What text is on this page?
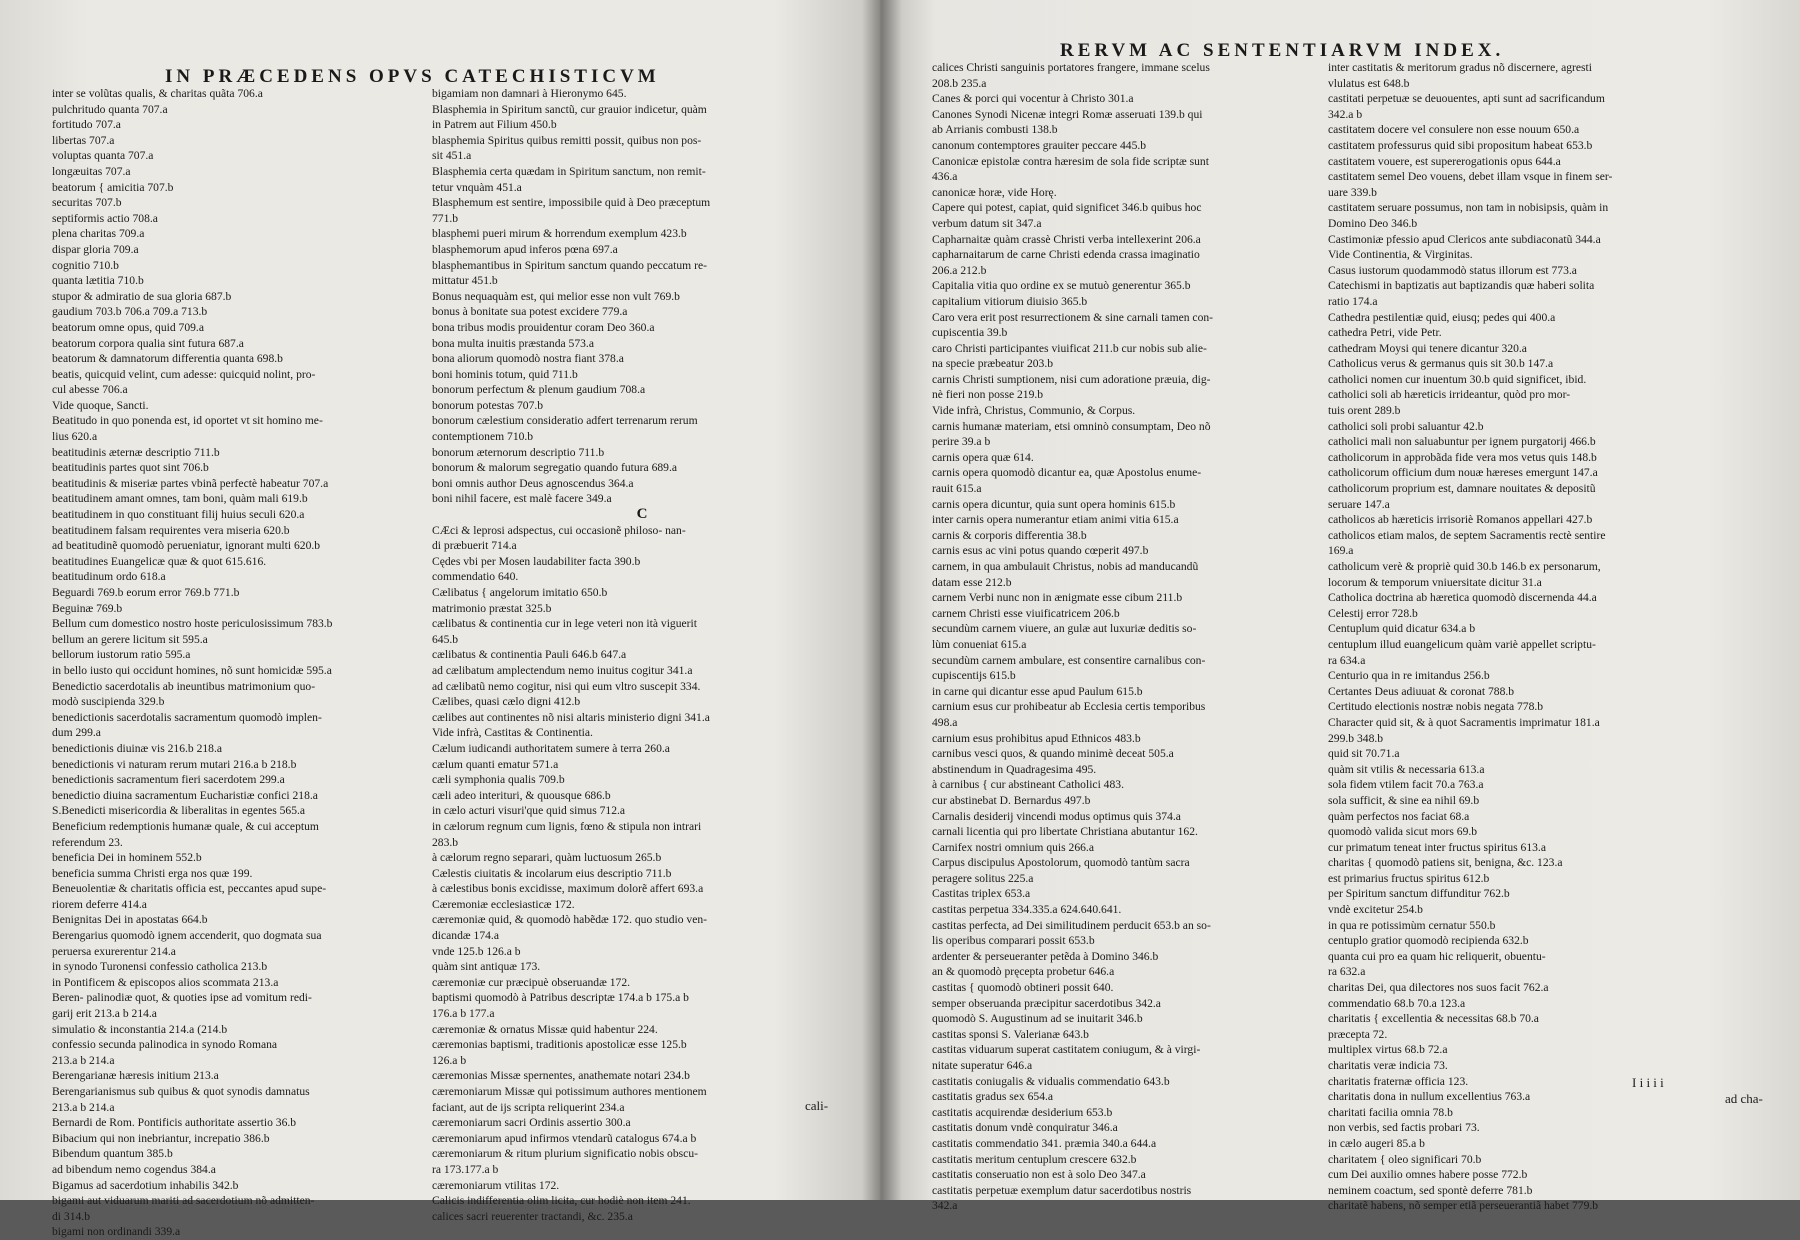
IN PRÆCEDENS OPVS CATECHISTICVM
inter se volũtas qualis, & charitas quãta 706.a
pulchritudo quanta 707.a
fortitudo 707.a
libertas 707.a
voluptas quanta 707.a
longæuitas 707.a
beatorum { amicitia 707.b
securitas 707.b
septiformis actio 708.a
plena charitas 709.a
dispar gloria 709.a
cognitio 710.b
quanta lætitia 710.b
stupor & admiratio de sua gloria 687.b
gaudium 703.b 706.a 709.a 713.b
beatorum omne opus, quid 709.a
beatorum corpora qualia sint futura 687.a
beatorum & damnatorum differentia quanta 698.b
beatis, quicquid velint, cum adesse: quicquid nolint, pro-
cul abesse 706.a
Vide quoque, Sancti.
Beatitudo in quo ponenda est, id oportet vt sit homino me-
lius 620.a
beatitudinis æternæ descriptio 711.b
beatitudinis partes quot sint 706.b
beatitudinis & miseriæ partes vbinã perfectè habeatur 707.a
beatitudinem amant omnes, tam boni, quàm mali 619.b
beatitudinem in quo constituant filij huius seculi 620.a
beatitudinem falsam requirentes vera miseria 620.b
ad beatitudinẽ quomodò perueniatur, ignorant multi 620.b
beatitudines Euangelicæ quæ & quot 615.616.
beatitudinum ordo 618.a
Beguardi 769.b eorum error 769.b 771.b
Beguinæ 769.b
Bellum cum domestico nostro hoste periculosissimum 783.b
bellum an gerere licitum sit 595.a
bellorum iustorum ratio 595.a
in bello iusto qui occidunt homines, nõ sunt homicidæ 595.a
Benedictio sacerdotalis ab ineuntibus matrimonium quo-
modò suscipienda 329.b
benedictionis sacerdotalis sacramentum quomodò implen-
dum 299.a
benedictionis diuinæ vis 216.b 218.a
benedictionis vi naturam rerum mutari 216.a b 218.b
benedictionis sacramentum fieri sacerdotem 299.a
benedictio diuina sacramentum Eucharistiæ confici 218.a
S.Benedicti misericordia & liberalitas in egentes 565.a
Beneficium redemptionis humanæ quale, & cui acceptum
referendum 23.
beneficia Dei in hominem 552.b
beneficia summa Christi erga nos quæ 199.
Beneuolentiæ & charitatis officia est, peccantes apud supe-
riorem deferre 414.a
Benignitas Dei in apostatas 664.b
Berengarius quomodò ignem accenderit, quo dogmata sua
peruersa exurerentur 214.a
in synodo Turonensi confessio catholica 213.b
in Pontificem & episcopos alios scommata 213.a
Beren- palinodiæ quot, & quoties ipse ad vomitum redi-
garij erit 213.a b 214.a
simulatio & inconstantia 214.a (214.b
confessio secunda palinodica in synodo Romana
213.a b 214.a
Berengarianæ hæresis initium 213.a
Berengarianismus sub quibus & quot synodis damnatus
213.a b 214.a
Bernardi de Rom. Pontificis authoritate assertio 36.b
Bibacium qui non inebriantur, increpatio 386.b
Bibendum quantum 385.b
ad bibendum nemo cogendus 384.a
Bigamus ad sacerdotium inhabilis 342.b
bigami aut viduarum mariti ad sacerdotium nõ admitten-
di 314.b
bigami non ordinandi 339.a
bigamiam non damnari à Hieronymo 645.
Blasphemia in Spiritum sanctũ, cur grauior indicetur, quàm
in Patrem aut Filium 450.b
blasphemia Spiritus quibus remitti possit, quibus non pos-
sit 451.a
Blasphemia certa quædam in Spiritum sanctum, non remit-
tetur vnquàm 451.a
Blasphemum est sentire, impossibile quid à Deo præceptum
771.b
blasphemi pueri mirum & horrendum exemplum 423.b
blasphemorum apud inferos pœna 697.a
blasphemantibus in Spiritum sanctum quando peccatum re-
mittatur 451.b
Bonus nequaquàm est, qui melior esse non vult 769.b
bonus à bonitate sua potest excidere 779.a
bona tribus modis prouidentur coram Deo 360.a
bona multa inuitis præstanda 573.a
bona aliorum quomodò nostra fiant 378.a
boni hominis totum, quid 711.b
bonorum perfectum & plenum gaudium 708.a
bonorum potestas 707.b
bonorum cælestium consideratio adfert terrenarum rerum
contemptionem 710.b
bonorum æternorum descriptio 711.b
bonorum & malorum segregatio quando futura 689.a
boni omnis author Deus agnoscendus 364.a
boni nihil facere, est malè facere 349.a
C
CÆci & leprosi adspectus, cui occasionẽ philoso- nan-
di præbuerit 714.a
Cędes vbi per Mosen laudabiliter facta 390.b
commendatio 640.
Cælibatus { angelorum imitatio 650.b
matrimonio præstat 325.b
cælibatus & continentia cur in lege veteri non ità viguerit
645.b
cælibatus & continentia Pauli 646.b 647.a
ad cælibatum amplectendum nemo inuitus cogitur 341.a
ad cælibatũ nemo cogitur, nisi qui eum vltro suscepit 334.
Cælibes, quasi cælo digni 412.b
cælibes aut continentes nõ nisi altaris ministerio digni 341.a
Vide infrà, Castitas & Continentia.
Cælum iudicandi authoritatem sumere à terra 260.a
cælum quanti ematur 571.a
cæli symphonia qualis 709.b
cæli adeo interituri, & quousque 686.b
in cælo acturi visuri'que quid simus 712.a
in cælorum regnum cum lignis, fœno & stipula non intrari
283.b
à cælorum regno separari, quàm luctuosum 265.b
Cælestis ciuitatis & incolarum eius descriptio 711.b
à cælestibus bonis excidisse, maximum dolorẽ affert 693.a
Cæremoniæ ecclesiasticæ 172.
cæremoniæ quid, & quomodò habẽdæ 172. quo studio ven-
dicandæ 174.a
vnde 125.b 126.a b
quàm sint antiquæ 173.
cæremoniæ cur præcipuè obseruandæ 172.
baptismi quomodò à Patribus descriptæ 174.a b 175.a b
176.a b 177.a
cæremoniæ & ornatus Missæ quid habentur 224.
cæremonias baptismi, traditionis apostolicæ esse 125.b
126.a b
cæremonias Missæ spernentes, anathemate notari 234.b
cæremoniarum Missæ qui potissimum authores mentionem
faciant, aut de ijs scripta reliquerint 234.a
cæremoniarum sacri Ordinis assertio 300.a
cæremoniarum apud infirmos vtendarũ catalogus 674.a b
cæremoniarum & ritum plurium significatio nobis obscu-
ra 173.177.a b
cæremoniarum vtilitas 172.
Calicis indifferentia olim licita, cur hodiè non item 241.
calices sacri reuerenter tractandi, &c. 235.a
cali-
RERVM AC SENTENTIARVM INDEX.
calices Christi sanguinis portatores frangere, immane scelus
208.b 235.a
Canes & porci qui vocentur à Christo 301.a
Canones Synodi Nicenæ integri Romæ asseruati 139.b qui
ab Arrianis combusti 138.b
canonum contemptores grauiter peccare 445.b
Canonicæ epistolæ contra hæresim de sola fide scriptæ sunt
436.a
canonicæ horæ, vide Horę.
Capere qui potest, capiat, quid significet 346.b quibus hoc
verbum datum sit 347.a
Capharnaitæ quàm crassè Christi verba intellexerint 206.a
capharnaitarum de carne Christi edenda crassa imaginatio
206.a 212.b
Capitalia vitia quo ordine ex se mutuò generentur 365.b
capitalium vitiorum diuisio 365.b
Caro vera erit post resurrectionem & sine carnali tamen con-
cupiscentia 39.b
caro Christi participantes viuificat 211.b cur nobis sub alie-
na specie præbeatur 203.b
carnis Christi sumptionem, nisi cum adoratione præuia, dig-
nè fieri non posse 219.b
Vide infrà, Christus, Communio, & Corpus.
carnis humanæ materiam, etsi omninò consumptam, Deo nõ
perire 39.a b
carnis opera quæ 614.
carnis opera quomodò dicantur ea, quæ Apostolus enume-
rauit 615.a
carnis opera dicuntur, quia sunt opera hominis 615.b
inter carnis opera numerantur etiam animi vitia 615.a
carnis & corporis differentia 38.b
carnis esus ac vini potus quando cœperit 497.b
carnem, in qua ambulauit Christus, nobis ad manducandũ
datam esse 212.b
carnem Verbi nunc non in ænigmate esse cibum 211.b
carnem Christi esse viuificatricem 206.b
secundùm carnem viuere, an gulæ aut luxuriæ deditis so-
lùm conueniat 615.a
secundùm carnem ambulare, est consentire carnalibus con-
cupiscentijs 615.b
in carne qui dicantur esse apud Paulum 615.b
carnium esus cur prohibeatur ab Ecclesia certis temporibus
498.a
carnium esus prohibitus apud Ethnicos 483.b
carnibus vesci quos, & quando minimè deceat 505.a
abstinendum in Quadragesima 495.
à carnibus { cur abstineant Catholici 483.
cur abstinebat D. Bernardus 497.b
Carnalis desiderij vincendi modus optimus quis 374.a
carnali licentia qui pro libertate Christiana abutantur 162.
Carnifex nostri omnium quis 266.a
Carpus discipulus Apostolorum, quomodò tantùm sacra
peragere solitus 225.a
Castitas triplex 653.a
castitas perpetua 334.335.a 624.640.641.
castitas perfecta, ad Dei similitudinem perducit 653.b an so-
lis operibus comparari possit 653.b
ardenter & perseueranter petẽda à Domino 346.b
an & quomodò pręcepta probetur 646.a
castitas { quomodò obtineri possit 640.
semper obseruanda præcipitur sacerdotibus 342.a
quomodò S. Augustinum ad se inuitarit 346.b
castitas sponsi S. Valerianæ 643.b
castitas viduarum superat castitatem coniugum, & à virgi-
nitate superatur 646.a
castitatis coniugalis & vidualis commendatio 643.b
castitatis gradus sex 654.a
castitatis acquirendæ desiderium 653.b
castitatis donum vndè conquiratur 346.a
castitatis commendatio 341. præmia 340.a 644.a
castitatis meritum centuplum crescere 632.b
castitatis conseruatio non est à solo Deo 347.a
castitatis perpetuæ exemplum datur sacerdotibus nostris
342.a
inter castitatis & meritorum gradus nõ discernere, agresti
vlulatus est 648.b
castitati perpetuæ se deuouentes, apti sunt ad sacrificandum
342.a b
castitatem docere vel consulere non esse nouum 650.a
castitatem professurus quid sibi propositum habeat 653.b
castitatem vouere, est supererogationis opus 644.a
castitatem semel Deo vouens, debet illam vsque in finem ser-
uare 339.b
castitatem seruare possumus, non tam in nobisipsis, quàm in
Domino Deo 346.b
Castimoniæ pfessio apud Clericos ante subdiaconatũ 344.a
Vide Continentia, & Virginitas.
Casus iustorum quodammodò status illorum est 773.a
Catechismi in baptizatis aut baptizandis quæ haberi solita
ratio 174.a
Cathedra pestilentiæ quid, eiusq; pedes qui 400.a
cathedra Petri, vide Petr.
cathedram Moysi qui tenere dicantur 320.a
Catholicus verus & germanus quis sit 30.b 147.a
catholici nomen cur inuentum 30.b quid significet, ibid.
catholici soli ab hæreticis irrideantur, quòd pro mor-
tuis orent 289.b
catholici soli probi saluantur 42.b
catholici mali non saluabuntur per ignem purgatorij 466.b
catholicorum in approbãda fide vera mos vetus quis 148.b
catholicorum officium dum nouæ hæreses emergunt 147.a
catholicorum proprium est, damnare nouitates & depositũ
seruare 147.a
catholicos ab hæreticis irrisoriè Romanos appellari 427.b
catholicos etiam malos, de septem Sacramentis rectè sentire
169.a
catholicum verè & propriè quid 30.b 146.b ex personarum,
locorum & temporum vniuersitate dicitur 31.a
Catholica doctrina ab hæretica quomodò discernenda 44.a
Celestij error 728.b
Centuplum quid dicatur 634.a b
centuplum illud euangelicum quàm variè appellet scriptu-
ra 634.a
Centurio qua in re imitandus 256.b
Certantes Deus adiuuat & coronat 788.b
Certitudo electionis nostræ nobis negata 778.b
Character quid sit, & à quot Sacramentis imprimatur 181.a
299.b 348.b
quid sit 70.71.a
quàm sit vtilis & necessaria 613.a
sola fidem vtilem facit 70.a 763.a
sola sufficit, & sine ea nihil 69.b
quàm perfectos nos faciat 68.a
quomodò valida sicut mors 69.b
cur primatum teneat inter fructus spiritus 613.a
charitas { quomodò patiens sit, benigna, &c. 123.a
est primarius fructus spiritus 612.b
per Spiritum sanctum diffunditur 762.b
vndè excitetur 254.b
in qua re potissimùm cernatur 550.b
centuplo gratior quomodò recipienda 632.b
quanta cui pro ea quam hic reliquerit, obuentu-
ra 632.a
charitas Dei, qua dilectores nos suos facit 762.a
commendatio 68.b 70.a 123.a
charitatis { excellentia & necessitas 68.b 70.a
præcepta 72.
multiplex virtus 68.b 72.a
charitatis veræ indicia 73.
charitatis fraternæ officia 123.
charitatis dona in nullum excellentius 763.a
charitati facilia omnia 78.b
non verbis, sed factis probari 73.
in cælo augeri 85.a b
charitatem { oleo significari 70.b
cum Dei auxilio omnes habere posse 772.b
neminem coactum, sed spontè deferre 781.b
charitatẽ habens, nõ semper etiã perseuerantiã habet 779.b
I i i i i
ad cha-
